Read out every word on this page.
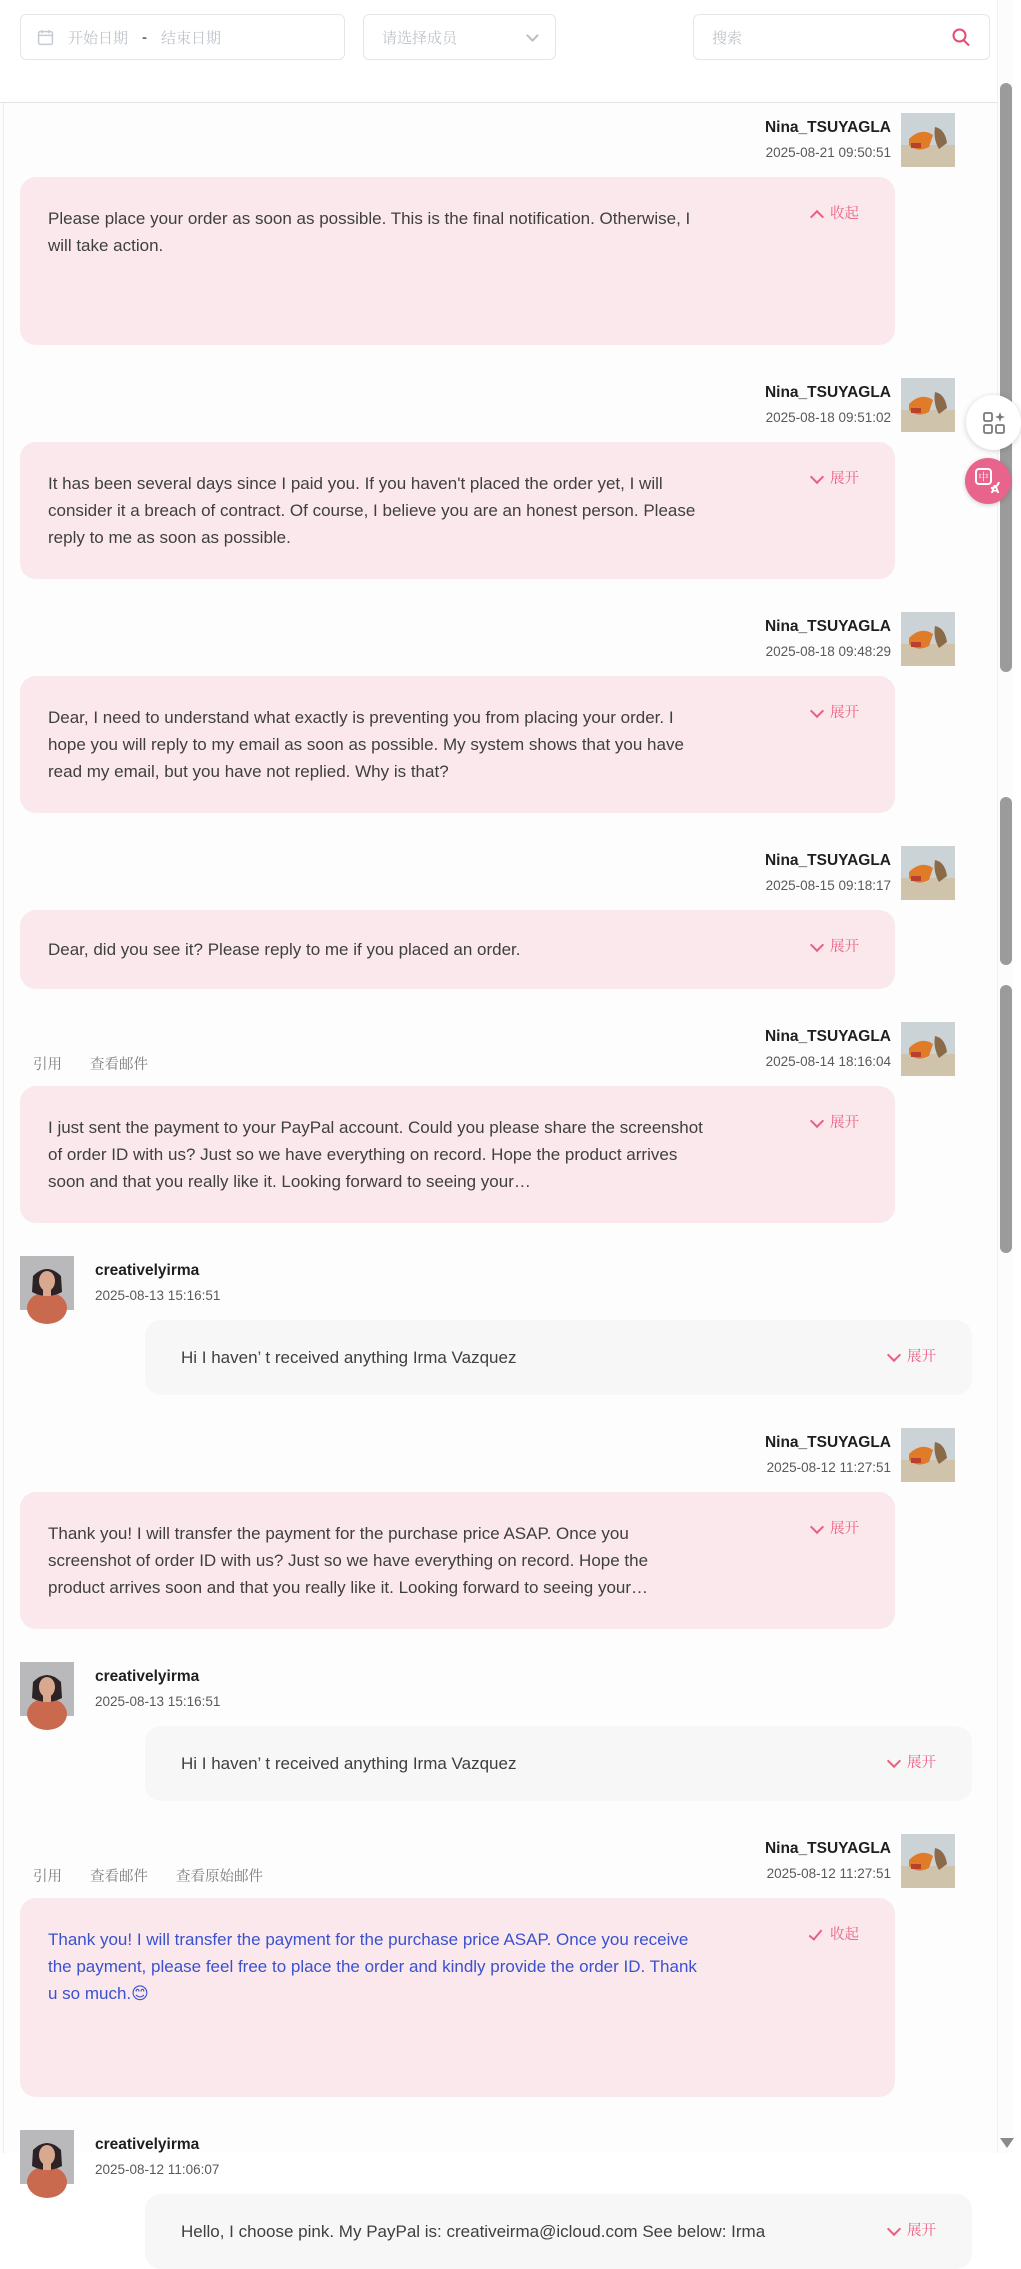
开始日期 - 结束日期	请选择成员	搜索
Nina_TSUYAGLA
2025-08-21 09:50:51
收起
Please place your order as soon as possible. This is the final notification. Otherwise, I will take action.
Nina_TSUYAGLA
2025-08-18 09:51:02
展开
It has been several days since I paid you. If you haven't placed the order yet, I will consider it a breach of contract. Of course, I believe you are an honest person. Please reply to me as soon as possible.
Nina_TSUYAGLA
2025-08-18 09:48:29
展开
Dear, I need to understand what exactly is preventing you from placing your order. I hope you will reply to my email as soon as possible. My system shows that you have read my email, but you have not replied. Why is that?
Nina_TSUYAGLA
2025-08-15 09:18:17
展开
Dear, did you see it? Please reply to me if you placed an order.
Nina_TSUYAGLA
2025-08-14 18:16:04
引用 查看邮件
展开
I just sent the payment to your PayPal account. Could you please share the screenshot of order ID with us? Just so we have everything on record. Hope the product arrives soon and that you really like it. Looking forward to seeing your…
creativelyirma
2025-08-13 15:16:51
展开
Hi I haven’ t received anything Irma Vazquez
Nina_TSUYAGLA
2025-08-12 11:27:51
展开
Thank you! I will transfer the payment for the purchase price ASAP. Once you screenshot of order ID with us? Just so we have everything on record. Hope the product arrives soon and that you really like it. Looking forward to seeing your…
creativelyirma
2025-08-13 15:16:51
展开
Hi I haven’ t received anything Irma Vazquez
Nina_TSUYAGLA
2025-08-12 11:27:51
引用 查看邮件 查看原始邮件
收起
Thank you! I will transfer the payment for the purchase price ASAP. Once you receive the payment, please feel free to place the order and kindly provide the order ID. Thank u so much.😊
creativelyirma
2025-08-12 11:06:07
展开
Hello, I choose pink. My PayPal is: creativeirma@icloud.com See below: Irma
中
A
